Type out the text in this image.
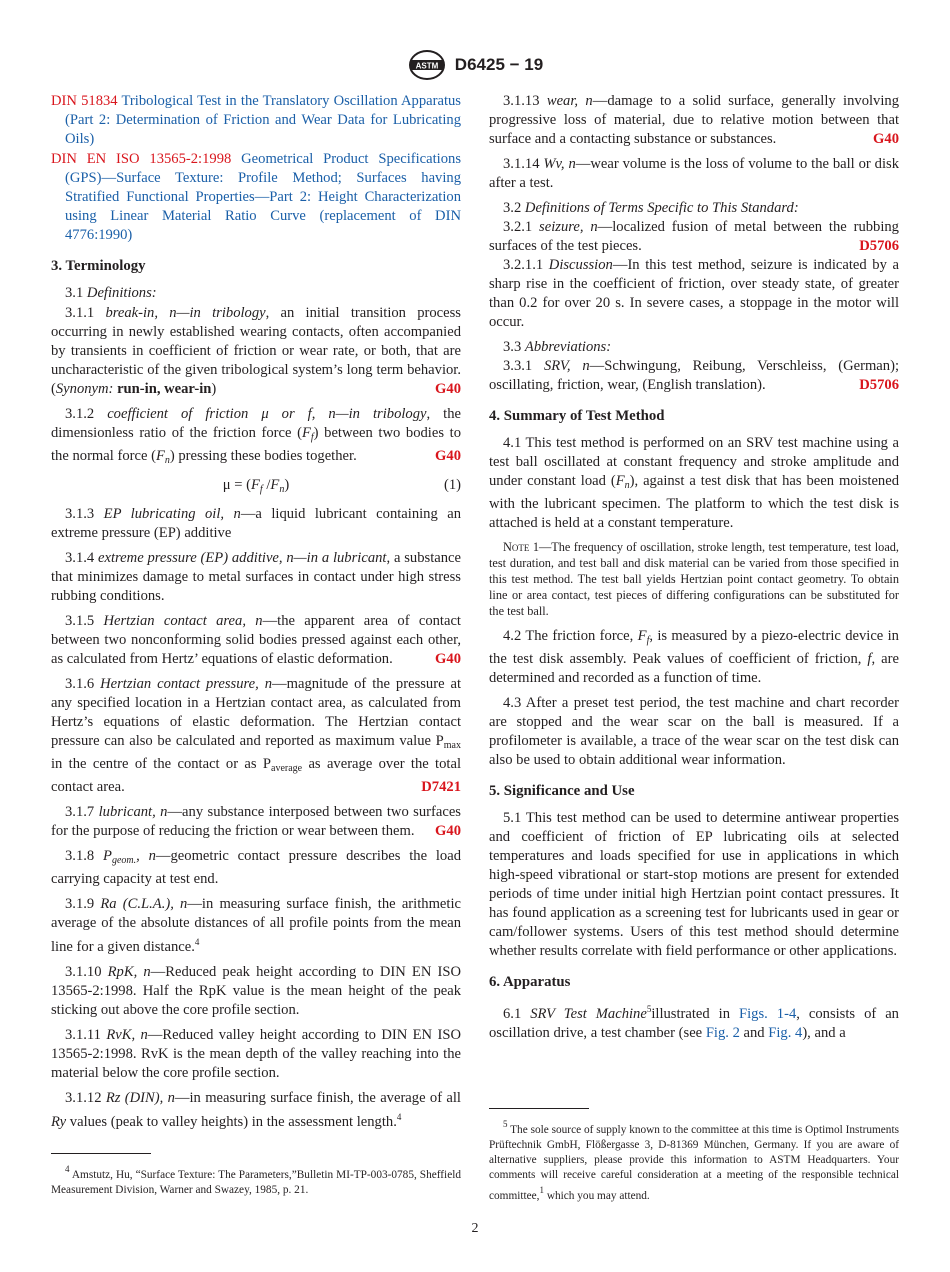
ASTM D6425 − 19

DIN 51834 Tribological Test in the Translatory Oscillation Apparatus (Part 2: Determination of Friction and Wear Data for Lubricating Oils)

DIN EN ISO 13565-2:1998 Geometrical Product Specifications (GPS)—Surface Texture: Profile Method; Surfaces having Stratified Functional Properties—Part 2: Height Characterization using Linear Material Ratio Curve (replacement of DIN 4776:1990)

3. Terminology

3.1 Definitions:

3.1.1 break-in, n—in tribology, an initial transition process occurring in newly established wearing contacts, often accompanied by transients in coefficient of friction or wear rate, or both, that are uncharacteristic of the given tribological system’s long term behavior. (Synonym: run-in, wear-in)	G40

3.1.2 coefficient of friction μ or f, n—in tribology, the dimensionless ratio of the friction force $(F_f)$ between two bodies to the normal force $(F_n)$ pressing these bodies together.	G40

$\mu = (F_f$ $/F_n$)	(1)

3.1.3 EP lubricating oil, n—a liquid lubricant containing an extreme pressure (EP) additive

3.1.4 extreme pressure (EP) additive, n—in a lubricant, a substance that minimizes damage to metal surfaces in contact under high stress rubbing conditions.

3.1.5 Hertzian contact area, n—the apparent area of contact between two nonconforming solid bodies pressed against each other, as calculated from Hertz’ equations of elastic deformation.	G40

3.1.6 Hertzian contact pressure, n—magnitude of the pressure at any specified location in a Hertzian contact area, as calculated from Hertz’s equations of elastic deformation. The Hertzian contact pressure can also be calculated and reported as maximum value $P_{max}$ in the centre of the contact or as $P_{average}$ as average over the total contact area.	D7421

3.1.7 lubricant, n—any substance interposed between two surfaces for the purpose of reducing the friction or wear between them.	G40

3.1.8 $P_{geom.}$, n—geometric contact pressure describes the load carrying capacity at test end.

3.1.9 Ra (C.L.A.), n—in measuring surface finish, the arithmetic average of the absolute distances of all profile points from the mean line for a given distance.$^4$

3.1.10 RpK, n—Reduced peak height according to DIN EN ISO 13565-2:1998. Half the RpK value is the mean height of the peak sticking out above the core profile section.

3.1.11 RvK, n—Reduced valley height according to DIN EN ISO 13565-2:1998. RvK is the mean depth of the valley reaching into the material below the core profile section.

3.1.12 Rz (DIN), n—in measuring surface finish, the average of all Ry values (peak to valley heights) in the assessment length.$^4$

$^4$ Amstutz, Hu, “Surface Texture: The Parameters,”Bulletin MI-TP-003-0785, Sheffield Measurement Division, Warner and Swazey, 1985, p. 21.

3.1.13 wear, n—damage to a solid surface, generally involving progressive loss of material, due to relative motion between that surface and a contacting substance or substances.	G40

3.1.14 Wv, n—wear volume is the loss of volume to the ball or disk after a test.

3.2 Definitions of Terms Specific to This Standard:

3.2.1 seizure, n—localized fusion of metal between the rubbing surfaces of the test pieces.	D5706

3.2.1.1 Discussion—In this test method, seizure is indicated by a sharp rise in the coefficient of friction, over steady state, of greater than 0.2 for over 20 s. In severe cases, a stoppage in the motor will occur.

3.3 Abbreviations:

3.3.1 SRV, n—Schwingung, Reibung, Verschleiss, (German); oscillating, friction, wear, (English translation).	D5706

4. Summary of Test Method

4.1 This test method is performed on an SRV test machine using a test ball oscillated at constant frequency and stroke amplitude and under constant load $(F_n)$, against a test disk that has been moistened with the lubricant specimen. The platform to which the test disk is attached is held at a constant temperature.

Note 1—The frequency of oscillation, stroke length, test temperature, test load, test duration, and test ball and disk material can be varied from those specified in this test method. The test ball yields Hertzian point contact geometry. To obtain line or area contact, test pieces of differing configurations can be substituted for the test ball.

4.2 The friction force, $F_f$, is measured by a piezo-electric device in the test disk assembly. Peak values of coefficient of friction, f, are determined and recorded as a function of time.

4.3 After a preset test period, the test machine and chart recorder are stopped and the wear scar on the ball is measured. If a profilometer is available, a trace of the wear scar on the test disk can also be used to obtain additional wear information.

5. Significance and Use

5.1 This test method can be used to determine antiwear properties and coefficient of friction of EP lubricating oils at selected temperatures and loads specified for use in applications in which high-speed vibrational or start-stop motions are present for extended periods of time under initial high Hertzian point contact pressures. It has found application as a screening test for lubricants used in gear or cam/follower systems. Users of this test method should determine whether results correlate with field performance or other applications.

6. Apparatus

6.1 SRV Test Machine$^5$illustrated in Figs. 1-4, consists of an oscillation drive, a test chamber (see Fig. 2 and Fig. 4), and a

$^5$ The sole source of supply known to the committee at this time is Optimol Instruments Prüftechnik GmbH, Flößergasse 3, D-81369 München, Germany. If you are aware of alternative suppliers, please provide this information to ASTM Headquarters. Your comments will receive careful consideration at a meeting of the responsible technical committee,$^1$ which you may attend.
2
